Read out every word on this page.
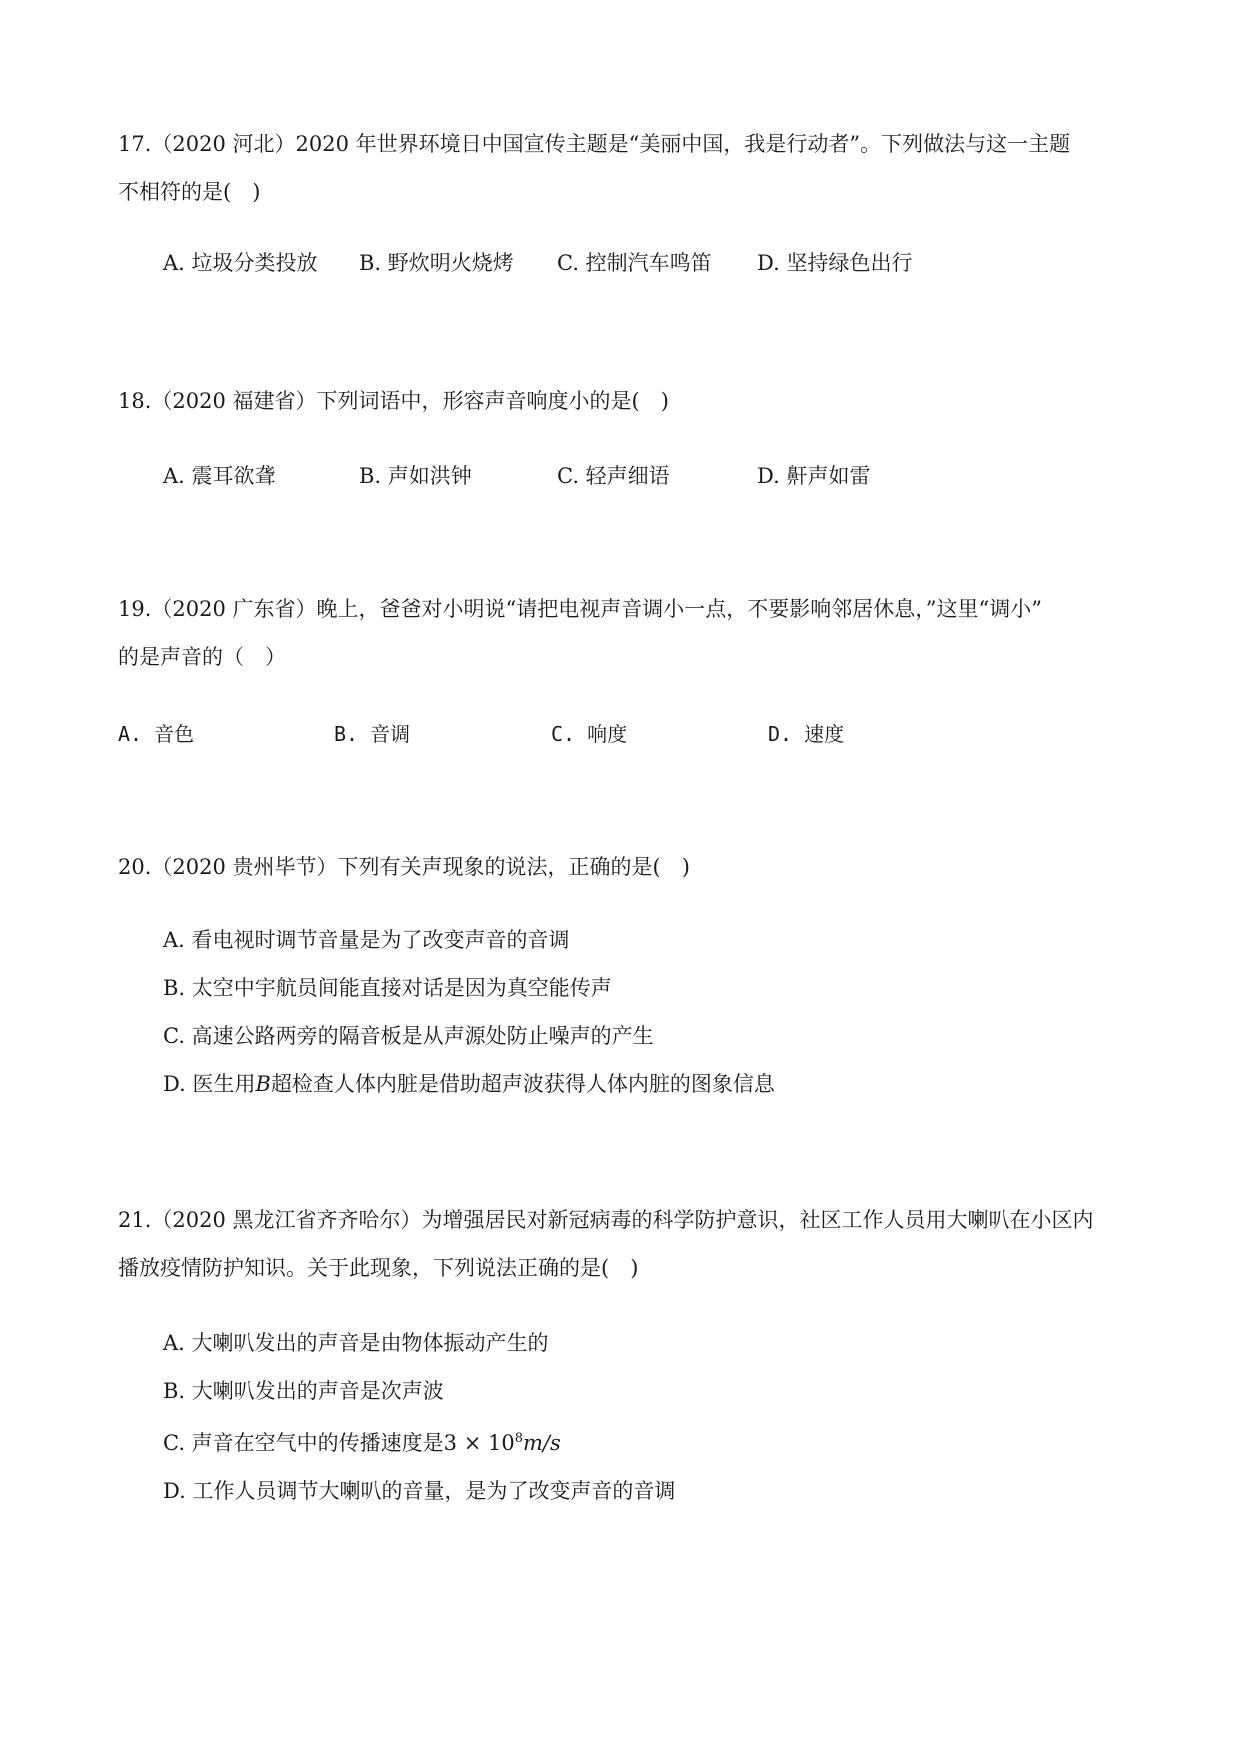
17.（2020 河北）2020 年世界环境日中国宣传主题是“美丽中国，我是行动者”。下列做法与这一主题

不相符的是(　)

A. 垃圾分类投放 B. 野炊明火烧烤 C. 控制汽车鸣笛 D. 坚持绿色出行

18.（2020 福建省）下列词语中，形容声音响度小的是(　)

A. 震耳欲聋	B. 声如洪钟	C. 轻声细语	D. 鼾声如雷

19.（2020 广东省）晚上，爸爸对小明说“请把电视声音调小一点，不要影响邻居休息，”这里“调小”

的是声音的（　）

A. 音色	B. 音调	C. 响度	D. 速度

20.（2020 贵州毕节）下列有关声现象的说法，正确的是(　)

A. 看电视时调节音量是为了改变声音的音调
B. 太空中宇航员间能直接对话是因为真空能传声
C. 高速公路两旁的隔音板是从声源处防止噪声的产生
D. 医生用B超检查人体内脏是借助超声波获得人体内脏的图象信息

21.（2020 黑龙江省齐齐哈尔）为增强居民对新冠病毒的科学防护意识，社区工作人员用大喇叭在小区内

播放疫情防护知识。关于此现象，下列说法正确的是(　)

A. 大喇叭发出的声音是由物体振动产生的
B. 大喇叭发出的声音是次声波
C. 声音在空气中的传播速度是$3 \times 10^8m/s$
D. 工作人员调节大喇叭的音量，是为了改变声音的音调
